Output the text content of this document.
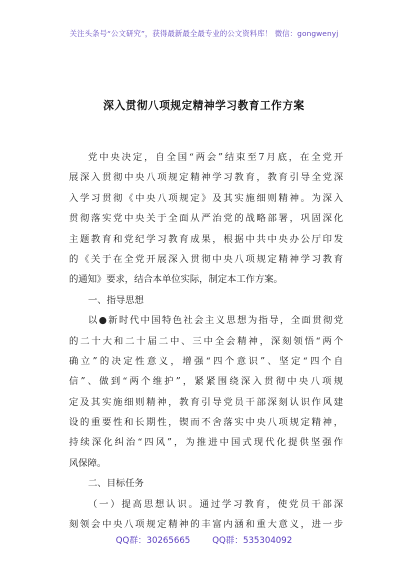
关注头条号“公文研究”，获得最新最全最专业的公文资料库！ 微信：gongwenyj
深入贯彻八项规定精神学习教育工作方案
党中央决定，自全国“两会”结束至7月底，在全党开
展深入贯彻中央八项规定精神学习教育，教育引导全党深
入学习贯彻《中央八项规定》及其实施细则精神。为深入
贯彻落实党中央关于全面从严治党的战略部署，巩固深化
主题教育和党纪学习教育成果，根据中共中央办公厅印发
的《关于在全党开展深入贯彻中央八项规定精神学习教育
的通知》要求，结合本单位实际，制定本工作方案。
一、指导思想
以●新时代中国特色社会主义思想为指导，全面贯彻党
的二十大和二十届二中、三中全会精神，深刻领悟“两个
确立”的决定性意义，增强“四个意识”、坚定“四个自
信”、做到“两个维护”，紧紧围绕深入贯彻中央八项规
定及其实施细则精神，教育引导党员干部深刻认识作风建
设的重要性和长期性，锲而不舍落实中央八项规定精神，
持续深化纠治“四风”，为推进中国式现代化提供坚强作
风保障。
二、目标任务
（一）提高思想认识。通过学习教育，使党员干部深
刻领会中央八项规定精神的丰富内涵和重大意义，进一步
QQ群：30265665	QQ群：535304092
